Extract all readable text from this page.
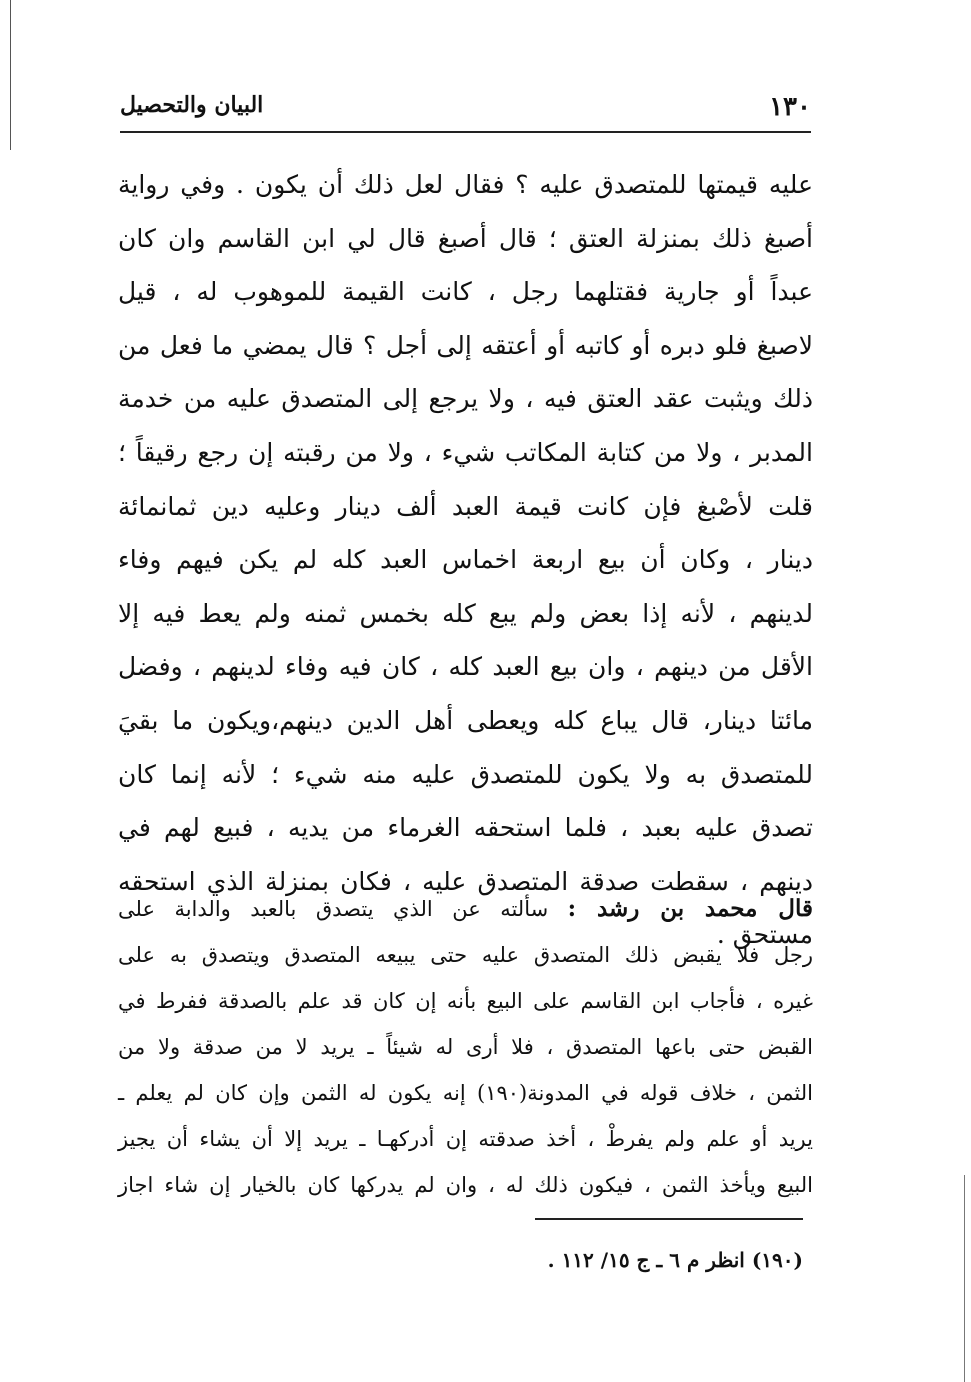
١٣٠
البيان والتحصيل
عليه قيمتها للمتصدق عليه ؟ فقال لعل ذلك أن يكون . وفي رواية
أصبغ ذلك بمنزلة العتق ؛ قال أصبغ قال لي ابن القاسم وان كان
عبداً أو جارية فقتلهما رجل ، كانت القيمة للموهوب له ، قيل
لاصبغ فلو دبره أو كاتبه أو أعتقه إلى أجل ؟ قال يمضي ما فعل من
ذلك ويثبت عقد العتق فيه ، ولا يرجع إلى المتصدق عليه من خدمة
المدبر ، ولا من كتابة المكاتب شيء ، ولا من رقبته إن رجع رقيقاً ؛
قلت لأصْبغ فإن كانت قيمة العبد ألف دينار وعليه دين ثمانمائة
دينار ، وكان أن بيع اربعة اخماس العبد كله لم يكن فيهم وفاء
لدينهم ، لأنه إذا بعض ولم يبع كله بخمس ثمنه ولم يعط فيه إلا
الأقل من دينهم ، وان بيع العبد كله ، كان فيه وفاء لدينهم ، وفضل
مائتا دينار، قال يباع كله ويعطى أهل الدين دينهم،ويكون ما بقيَ
للمتصدق به ولا يكون للمتصدق عليه منه شيء ؛ لأنه إنما كان
تصدق عليه بعبد ، فلما استحقه الغرماء من يديه ، فبيع لهم في
دينهم ، سقطت صدقة المتصدق عليه ، فكان بمنزلة الذي استحقه
مستحق .
قال محمد بن رشد : سألته عن الذي يتصدق بالعبد والدابة على
رجل فلا يقبض ذلك المتصدق عليه حتى يبيعه المتصدق ويتصدق به على
غيره ، فأجاب ابن القاسم على البيع بأنه إن كان قد علم بالصدقة ففرط في
القبض حتى باعها المتصدق ، فلا أرى له شيئاً ـ يريد لا من صدقة ولا من
الثمن ، خلاف قوله في المدونة(١٩٠) إنه يكون له الثمن وإن كان لم يعلم ـ
يريد أو علم ولم يفرطْ ، أخذ صدقته إن أدركهـا ـ يريد إلا أن يشاء أن يجيز
البيع ويأخذ الثمن ، فيكون ذلك له ، وان لم يدركها كان بالخيار إن شاء اجاز
(١٩٠) انظر م ٦ ـ ج ١٥/ ١١٢ .
